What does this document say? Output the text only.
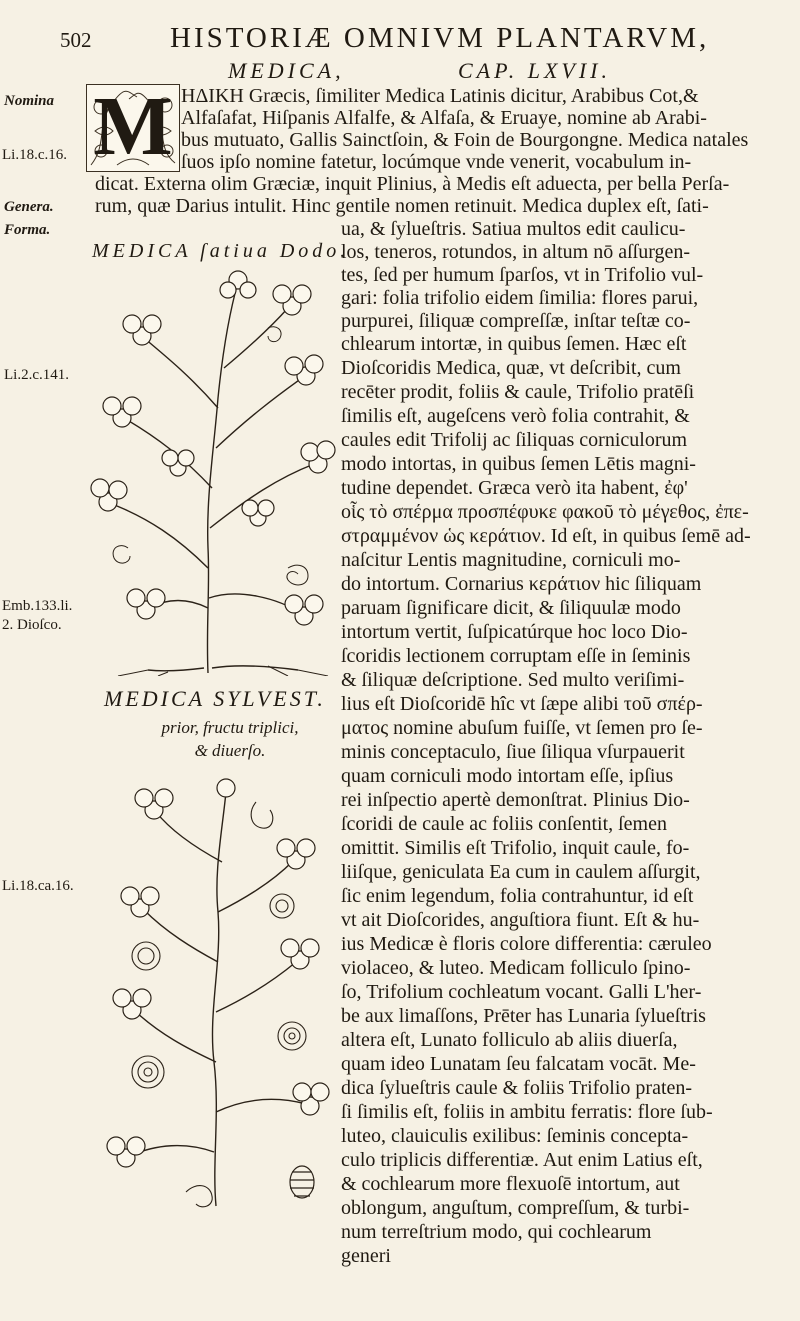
502	HISTORIÆ OMNIVM PLANTARVM,
MEDICA,	CAP. LXVII.
Nomina
Li.18.c.16.
Genera.
Forma.
Li.2.c.141.
Emb.133.li.
2. Dioſco.
Li.18.ca.16.
M ΗΔΙΚΗ Græcis, ſimiliter Medica Latinis dicitur, Arabibus Cot,&
Alfaſafat, Hiſpanis Alfalfe, & Alfaſa, & Eruaye, nomine ab Arabi-
bus mutuato, Gallis Sainctſoin, & Foin de Bourgongne. Medica natales
ſuos ipſo nomine fatetur, locúmque vnde venerit, vocabulum in-
dicat. Externa olim Græciæ, inquit Plinius, à Medis eſt aduecta, per bella Perſa-
rum, quæ Darius intulit. Hinc gentile nomen retinuit. Medica duplex eſt, ſati-
ua, & ſylueſtris. Satiua multos edit caulicu-
los, teneros, rotundos, in altum nō aſſurgen-
tes, ſed per humum ſparſos, vt in Trifolio vul-
gari: folia trifolio eidem ſimilia: flores parui,
purpurei, ſiliquæ compreſſæ, inſtar teſtæ co-
chlearum intortæ, in quibus ſemen. Hæc eſt
Dioſcoridis Medica, quæ, vt deſcribit, cum
recēter prodit, foliis & caule, Trifolio pratēſi
ſimilis eſt, augeſcens verò folia contrahit, &
caules edit Trifolij ac ſiliquas corniculorum
modo intortas, in quibus ſemen Lētis magni-
tudine dependet. Græca verò ita habent, ἐφ'
οἷς τὸ σπέρμα προσπέφυκε φακοῦ τὸ μέγεθος, ἐπε-
στραμμένον ὡς κεράτιον. Id eſt, in quibus ſemē ad-
naſcitur Lentis magnitudine, corniculi mo-
do intortum. Cornarius κεράτιον hic ſiliquam
paruam ſignificare dicit, & ſiliquulæ modo
intortum vertit, ſuſpicatúrque hoc loco Dio-
ſcoridis lectionem corruptam eſſe in ſeminis
& ſiliquæ deſcriptione. Sed multo veriſimi-
lius eſt Dioſcoridē hîc vt ſæpe alibi τοῦ σπέρ-
ματος nomine abuſum fuiſſe, vt ſemen pro ſe-
minis conceptaculo, ſiue ſiliqua vſurpauerit
quam corniculi modo intortam eſſe, ipſius
rei inſpectio apertè demonſtrat. Plinius Dio-
ſcoridi de caule ac foliis conſentit, ſemen
omittit. Similis eſt Trifolio, inquit caule, fo-
liiſque, geniculata Ea cum in caulem aſſurgit,
ſic enim legendum, folia contrahuntur, id eſt
vt ait Dioſcorides, anguſtiora fiunt. Eſt & hu-
ius Medicæ è floris colore differentia: cæruleo
violaceo, & luteo. Medicam folliculo ſpino-
ſo, Trifolium cochleatum vocant. Galli L'her-
be aux limaſſons, Prēter has Lunaria ſylueſtris
altera eſt, Lunato folliculo ab aliis diuerſa,
quam ideo Lunatam ſeu falcatam vocāt. Me-
dica ſylueſtris caule & foliis Trifolio praten-
ſi ſimilis eſt, foliis in ambitu ferratis: flore ſub-
luteo, clauiculis exilibus: ſeminis concepta-
culo triplicis differentiæ. Aut enim Latius eſt,
& cochlearum more flexuoſē intortum, aut
oblongum, anguſtum, compreſſum, & turbi-
num terreſtrium modo, qui cochlearum
generi
MEDICA ſatiua Dodo.
MEDICA SYLVEST.
prior, fructu triplici,
& diuerſo.
